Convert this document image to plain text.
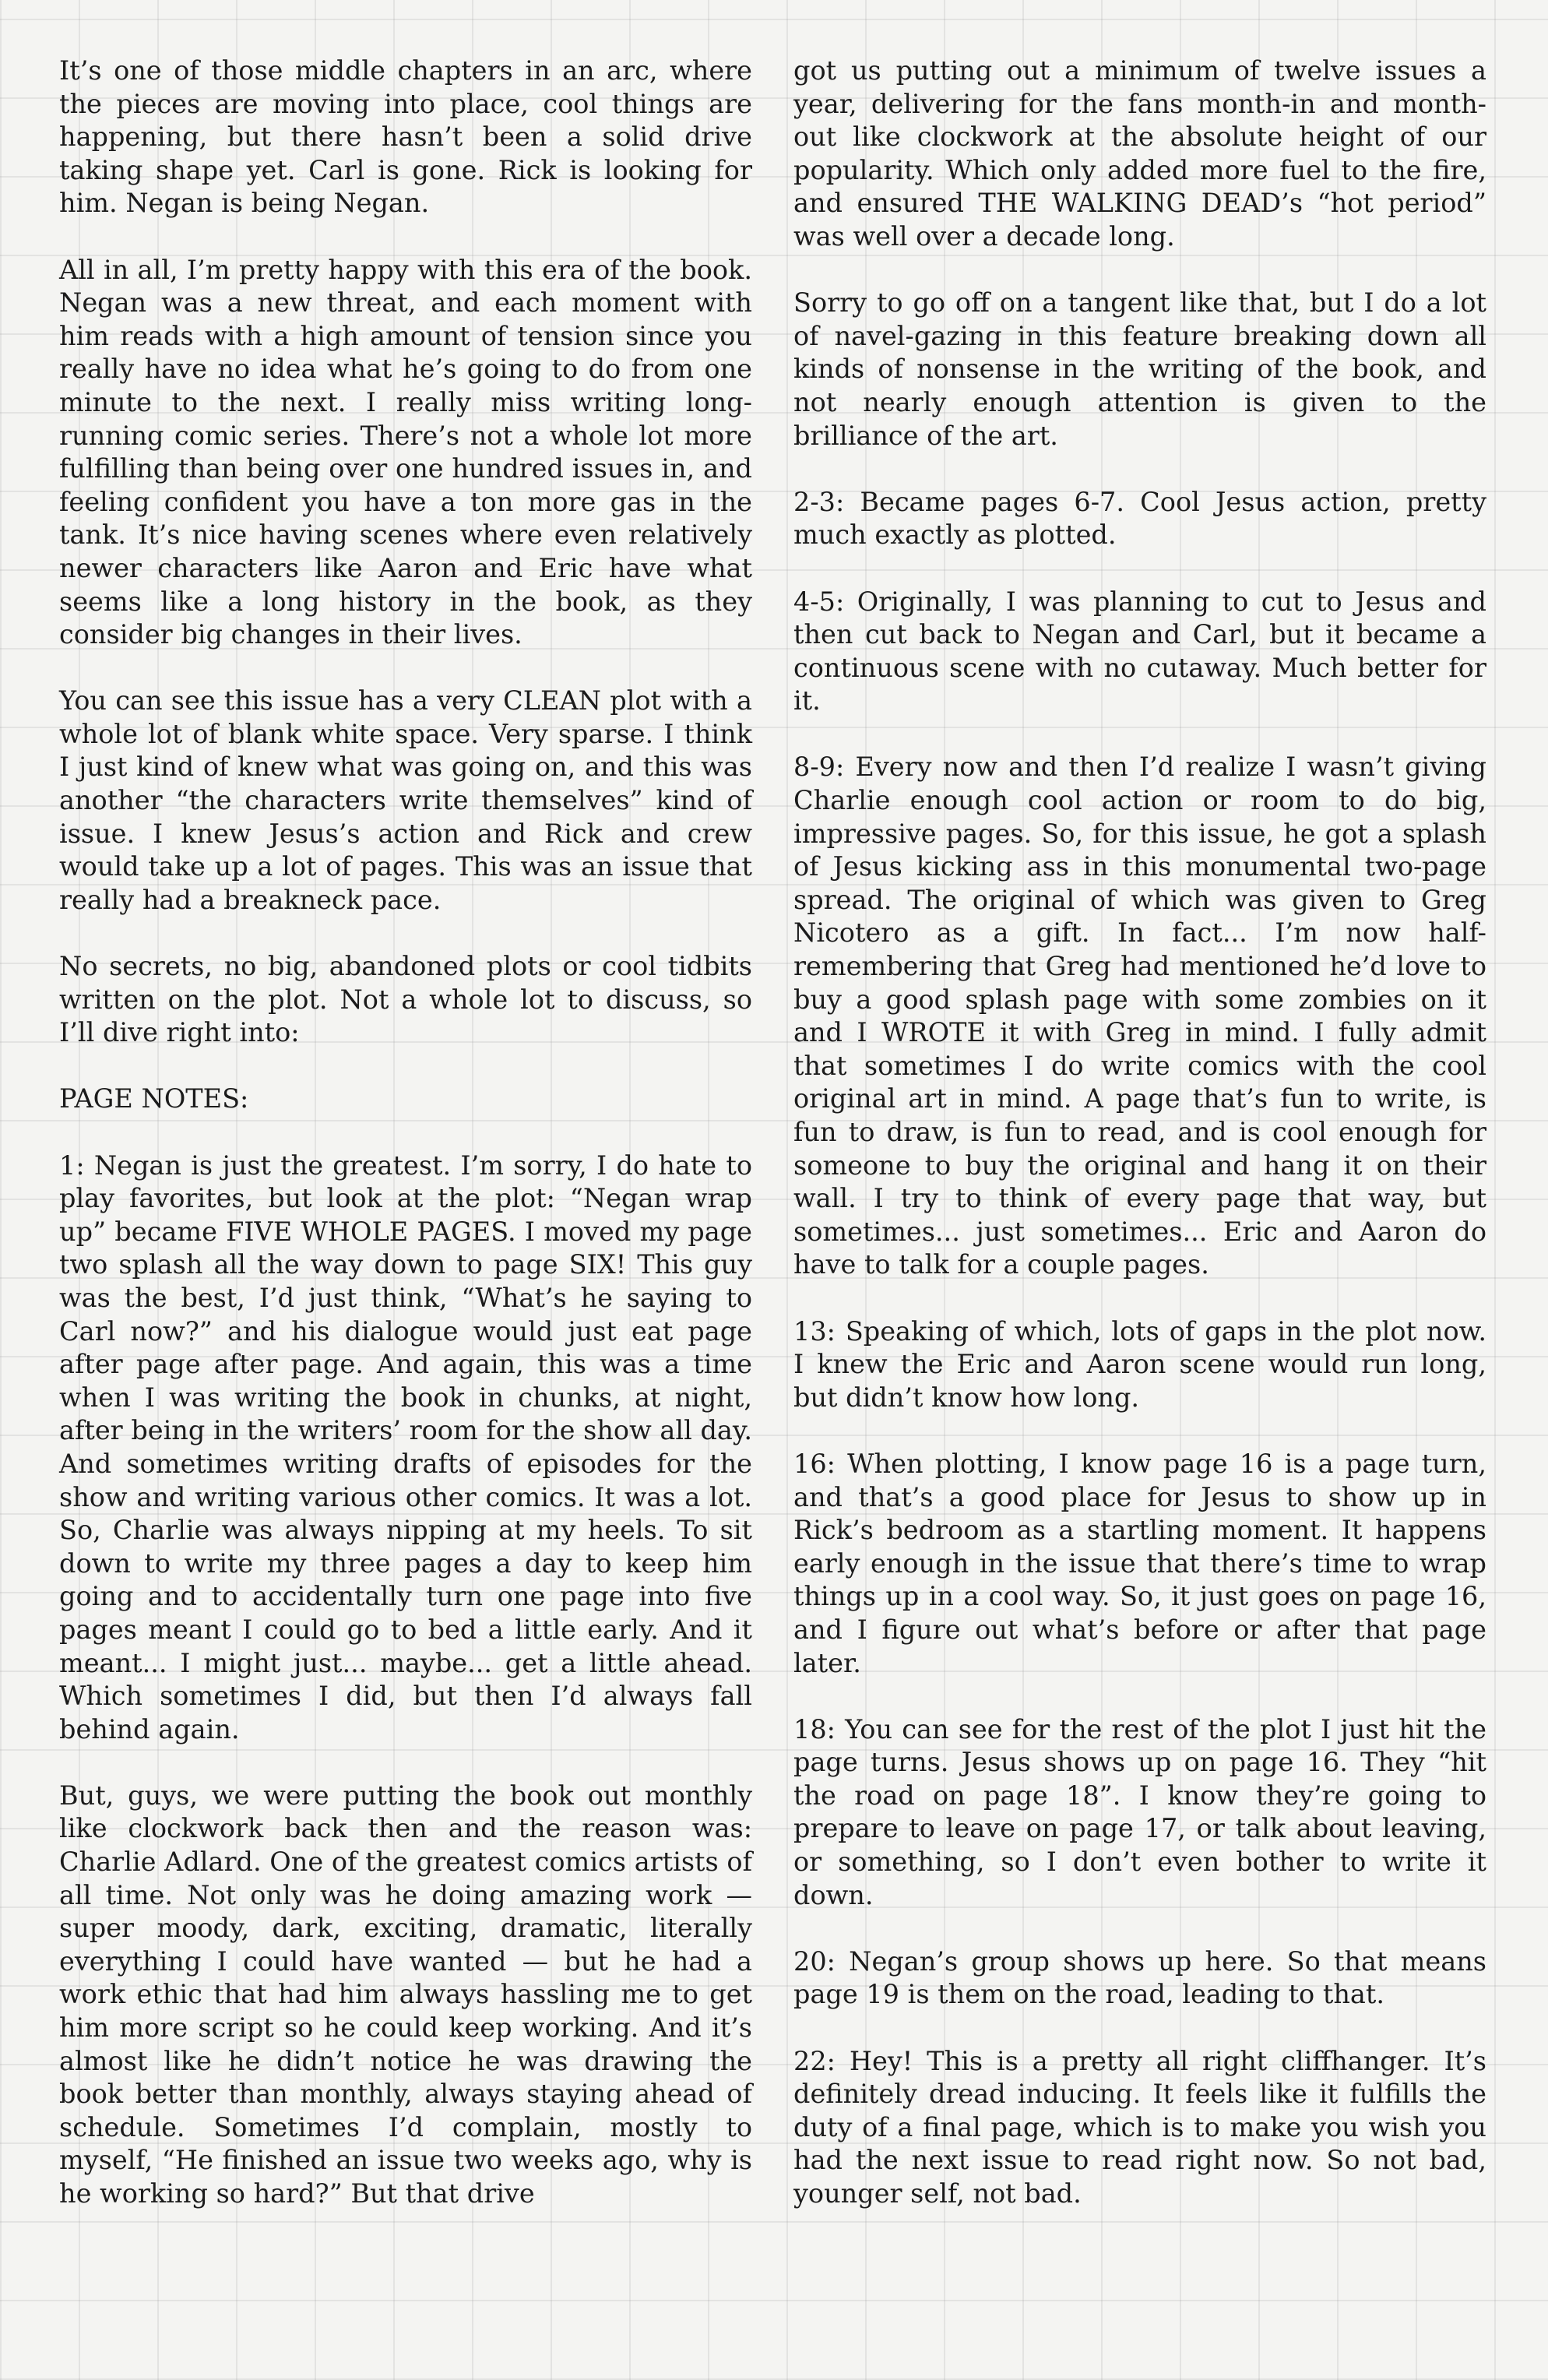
It’s one of those middle chapters in an arc, where the pieces are moving into place, cool things are happening, but there hasn’t been a solid drive taking shape yet. Carl is gone. Rick is looking for him. Negan is being Negan.

All in all, I’m pretty happy with this era of the book. Negan was a new threat, and each moment with him reads with a high amount of tension since you really have no idea what he’s going to do from one minute to the next. I really miss writing long-running comic series. There’s not a whole lot more fulfilling than being over one hundred issues in, and feeling confident you have a ton more gas in the tank. It’s nice having scenes where even relatively newer characters like Aaron and Eric have what seems like a long history in the book, as they consider big changes in their lives.

You can see this issue has a very CLEAN plot with a whole lot of blank white space. Very sparse. I think I just kind of knew what was going on, and this was another “the characters write themselves” kind of issue. I knew Jesus’s action and Rick and crew would take up a lot of pages. This was an issue that really had a breakneck pace.

No secrets, no big, abandoned plots or cool tidbits written on the plot. Not a whole lot to discuss, so I’ll dive right into:

PAGE NOTES:

1: Negan is just the greatest. I’m sorry, I do hate to play favorites, but look at the plot: “Negan wrap up” became FIVE WHOLE PAGES. I moved my page two splash all the way down to page SIX! This guy was the best, I’d just think, “What’s he saying to Carl now?” and his dialogue would just eat page after page after page. And again, this was a time when I was writing the book in chunks, at night, after being in the writers’ room for the show all day. And sometimes writing drafts of episodes for the show and writing various other comics. It was a lot. So, Charlie was always nipping at my heels. To sit down to write my three pages a day to keep him going and to accidentally turn one page into five pages meant I could go to bed a little early. And it meant... I might just... maybe... get a little ahead. Which sometimes I did, but then I’d always fall behind again.

But, guys, we were putting the book out monthly like clockwork back then and the reason was: Charlie Adlard. One of the greatest comics artists of all time. Not only was he doing amazing work — super moody, dark, exciting, dramatic, literally everything I could have wanted — but he had a work ethic that had him always hassling me to get him more script so he could keep working. And it’s almost like he didn’t notice he was drawing the book better than monthly, always staying ahead of schedule. Sometimes I’d complain, mostly to myself, “He finished an issue two weeks ago, why is he working so hard?” But that drive

got us putting out a minimum of twelve issues a year, delivering for the fans month-in and month-out like clockwork at the absolute height of our popularity. Which only added more fuel to the fire, and ensured THE WALKING DEAD’s “hot period” was well over a decade long.

Sorry to go off on a tangent like that, but I do a lot of navel-gazing in this feature breaking down all kinds of nonsense in the writing of the book, and not nearly enough attention is given to the brilliance of the art.

2-3: Became pages 6-7. Cool Jesus action, pretty much exactly as plotted.

4-5: Originally, I was planning to cut to Jesus and then cut back to Negan and Carl, but it became a continuous scene with no cutaway. Much better for it.

8-9: Every now and then I’d realize I wasn’t giving Charlie enough cool action or room to do big, impressive pages. So, for this issue, he got a splash of Jesus kicking ass in this monumental two-page spread. The original of which was given to Greg Nicotero as a gift. In fact... I’m now half-remembering that Greg had mentioned he’d love to buy a good splash page with some zombies on it and I WROTE it with Greg in mind. I fully admit that sometimes I do write comics with the cool original art in mind. A page that’s fun to write, is fun to draw, is fun to read, and is cool enough for someone to buy the original and hang it on their wall. I try to think of every page that way, but sometimes... just sometimes... Eric and Aaron do have to talk for a couple pages.

13: Speaking of which, lots of gaps in the plot now. I knew the Eric and Aaron scene would run long, but didn’t know how long.

16: When plotting, I know page 16 is a page turn, and that’s a good place for Jesus to show up in Rick’s bedroom as a startling moment. It happens early enough in the issue that there’s time to wrap things up in a cool way. So, it just goes on page 16, and I figure out what’s before or after that page later.

18: You can see for the rest of the plot I just hit the page turns. Jesus shows up on page 16. They “hit the road on page 18”. I know they’re going to prepare to leave on page 17, or talk about leaving, or something, so I don’t even bother to write it down.

20: Negan’s group shows up here. So that means page 19 is them on the road, leading to that.

22: Hey! This is a pretty all right cliffhanger. It’s definitely dread inducing. It feels like it fulfills the duty of a final page, which is to make you wish you had the next issue to read right now. So not bad, younger self, not bad.
